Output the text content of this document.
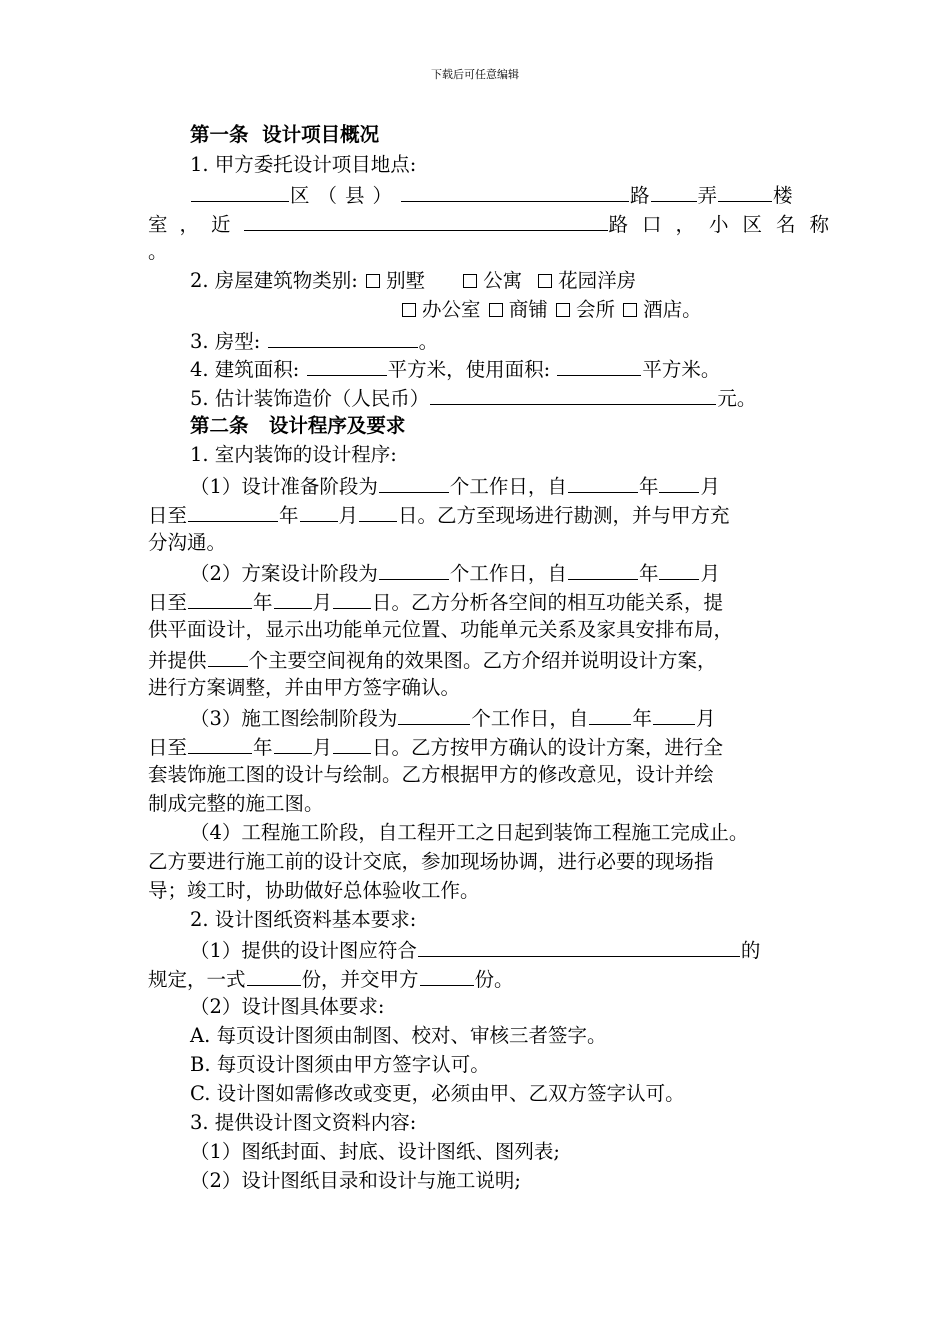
下载后可任意编辑
第一条  设计项目概况
1. 甲方委托设计项目地点:
区（县）	路 弄	楼
室，近	路口，小区名称
。
2. 房屋建筑物类别: 别墅	公寓 花园洋房
办公室 商铺 会所 酒店。
3. 房型:	。
4. 建筑面积:	平方米，使用面积:	平方米。
5. 估计装饰造价（人民币）	元。
第二条   设计程序及要求
1. 室内装饰的设计程序:
（1）设计准备阶段为	个工作日，自	年 月
日至	年 月 日。乙方至现场进行勘测，并与甲方充
分沟通。
（2）方案设计阶段为	个工作日，自	年 月
日至	年 月 日。乙方分析各空间的相互功能关系，提
供平面设计，显示出功能单元位置、功能单元关系及家具安排布局，
并提供 个主要空间视角的效果图。乙方介绍并说明设计方案，
进行方案调整，并由甲方签字确认。
（3）施工图绘制阶段为	个工作日，自 年 月
日至	年 月 日。乙方按甲方确认的设计方案，进行全
套装饰施工图的设计与绘制。乙方根据甲方的修改意见，设计并绘
制成完整的施工图。
（4）工程施工阶段，自工程开工之日起到装饰工程施工完成止。
乙方要进行施工前的设计交底，参加现场协调，进行必要的现场指
导；竣工时，协助做好总体验收工作。
2. 设计图纸资料基本要求:
（1）提供的设计图应符合	的
规定，一式	份，并交甲方	份。
（2）设计图具体要求:
A. 每页设计图须由制图、校对、审核三者签字。
B. 每页设计图须由甲方签字认可。
C. 设计图如需修改或变更，必须由甲、乙双方签字认可。
3. 提供设计图文资料内容:
（1）图纸封面、封底、设计图纸、图列表;
（2）设计图纸目录和设计与施工说明;
